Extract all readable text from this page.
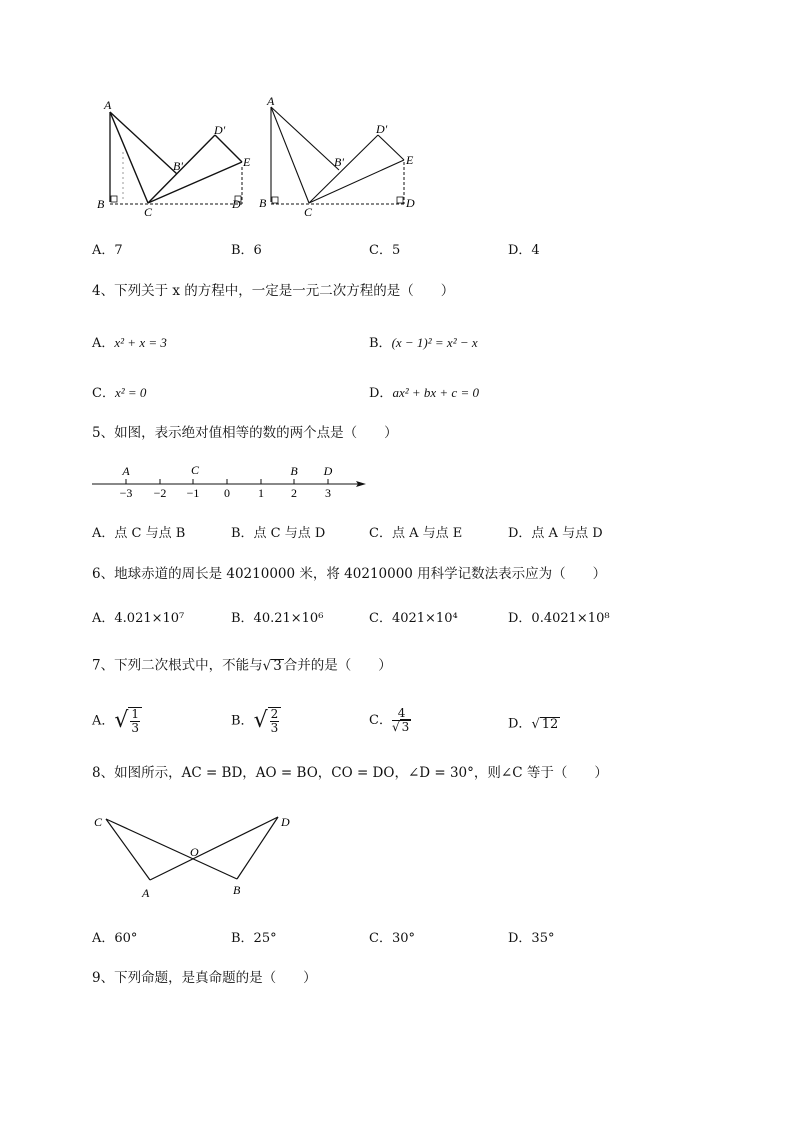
A
B
C
D
D'
B'	E
A
B
C
D
D'
B'	E
A．7	B．6	C．5	D．4
4、下列关于 x 的方程中，一定是一元二次方程的是（　　）
A．x² + x = 3	B．(x − 1)² = x² − x
C．x² = 0	D．ax² + bx + c = 0
5、如图，表示绝对值相等的数的两个点是（　　）
A	C	B D
−3 −2 −1 0 1 2 3
A．点 C 与点 B	B．点 C 与点 D	C．点 A 与点 E	D．点 A 与点 D
6、地球赤道的周长是 40210000 米，将 40210000 用科学记数法表示应为（　　）
A．4.021×10⁷	B．40.21×10⁶	C．4021×10⁴	D．0.4021×10⁸
7、下列二次根式中，不能与√ 3 合并的是（　　）
A． √ $\frac{1}{3}$	B． √ $\frac{2}{3}$	C． $\frac{4}{√ 3}$	D． √ 12
8、如图所示，AC = BD，AO = BO，CO = DO，∠D = 30°，则∠C 等于（　　）
C	D
O
A	B
A．60°	B．25°	C．30°	D．35°
9、下列命题，是真命题的是（　　）
